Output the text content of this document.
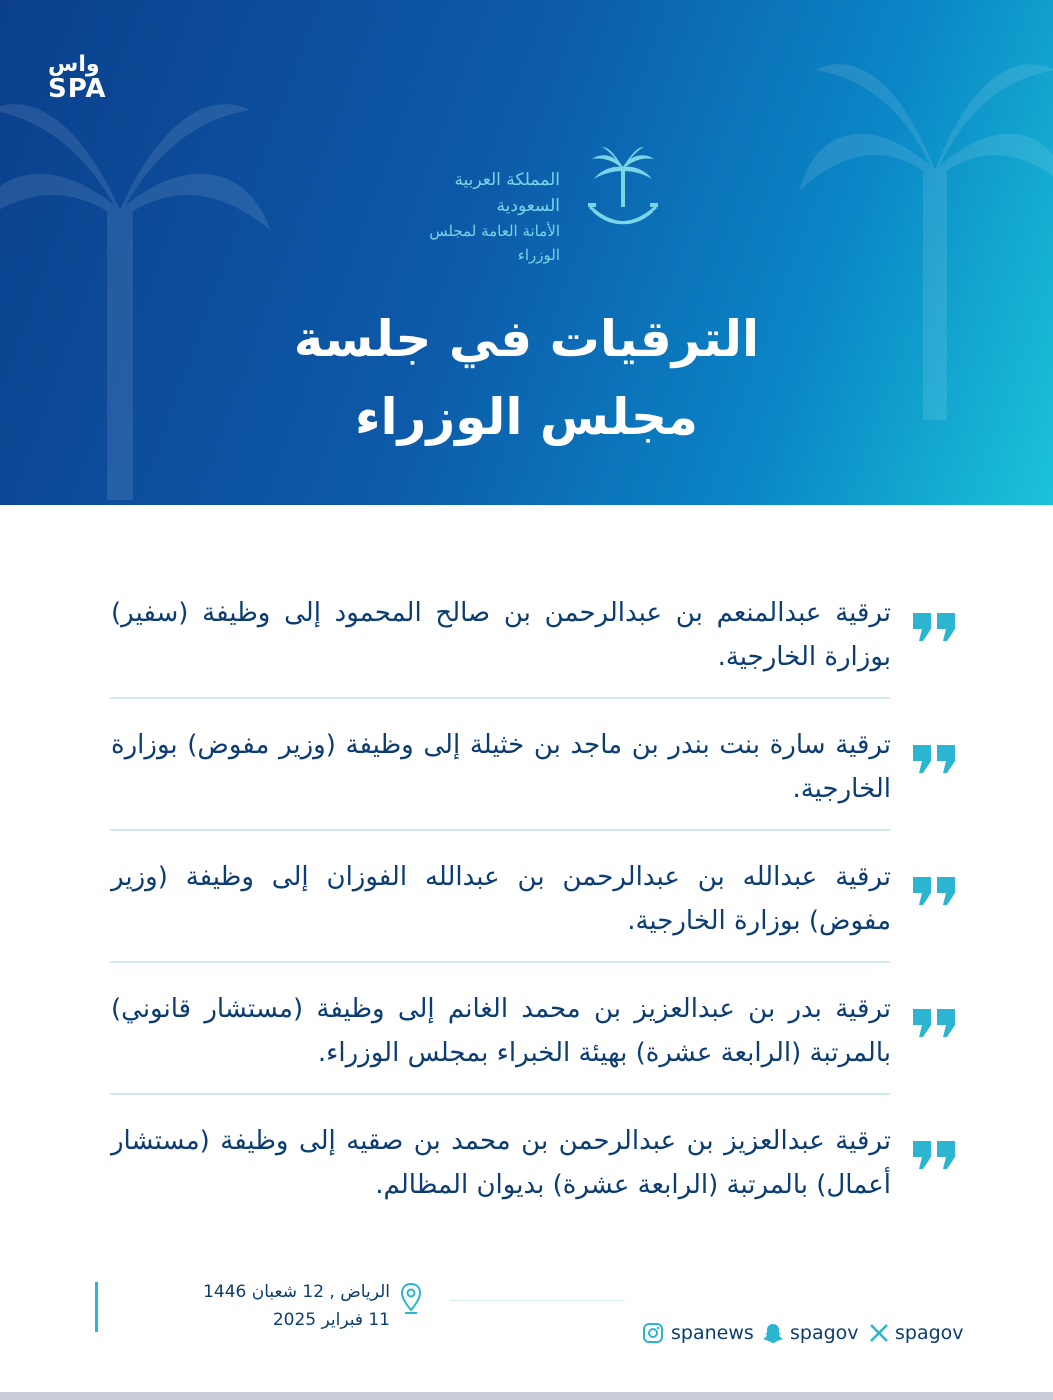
واس
SPA
المملكة العربية السعودية
الأمانة العامة لمجلس الوزراء
الترقيات في جلسة
مجلس الوزراء
ترقية عبدالمنعم بن عبدالرحمن بن صالح المحمود إلى وظيفة (سفير) بوزارة الخارجية.
ترقية سارة بنت بندر بن ماجد بن خثيلة إلى وظيفة (وزير مفوض) بوزارة الخارجية.
ترقية عبدالله بن عبدالرحمن بن عبدالله الفوزان إلى وظيفة (وزير مفوض) بوزارة الخارجية.
ترقية بدر بن عبدالعزيز بن محمد الغانم إلى وظيفة (مستشار قانوني) بالمرتبة (الرابعة عشرة) بهيئة الخبراء بمجلس الوزراء.
ترقية عبدالعزيز بن عبدالرحمن بن محمد بن صقيه إلى وظيفة (مستشار أعمال) بالمرتبة (الرابعة عشرة) بديوان المظالم.
الرياض , 12 شعبان 1446
11 فبراير 2025
spanews spagov spagov
